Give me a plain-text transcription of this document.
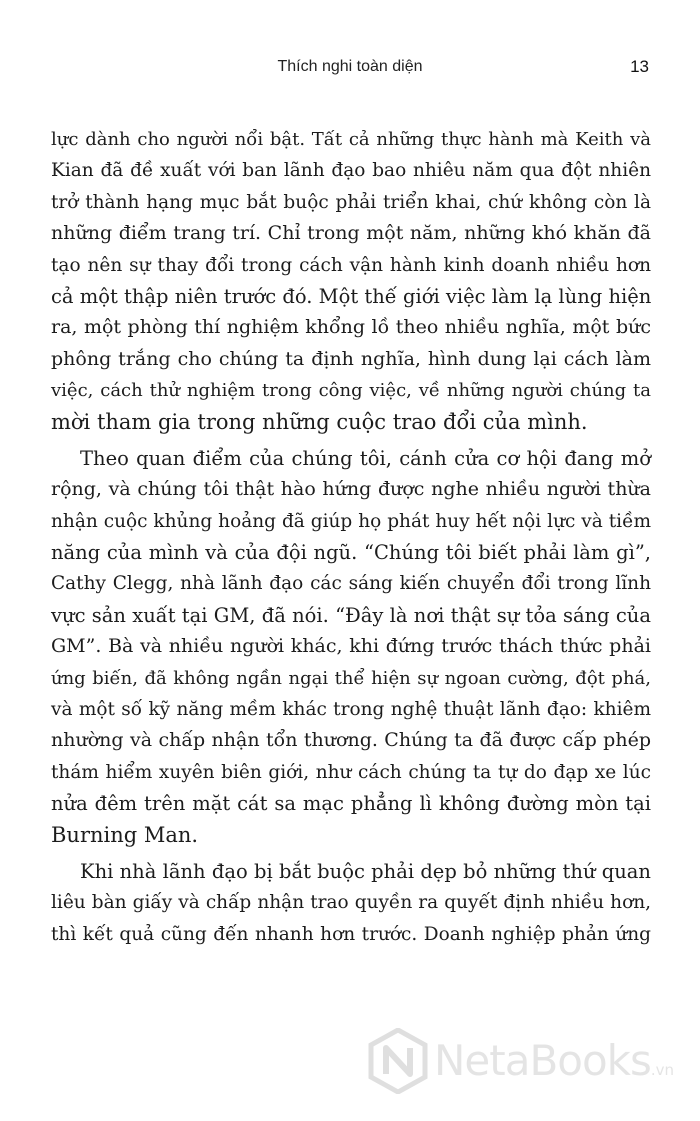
Thích nghi toàn diện	13
lực dành cho người nổi bật. Tất cả những thực hành mà Keith và
Kian đã đề xuất với ban lãnh đạo bao nhiêu năm qua đột nhiên
trở thành hạng mục bắt buộc phải triển khai, chứ không còn là
những điểm trang trí. Chỉ trong một năm, những khó khăn đã
tạo nên sự thay đổi trong cách vận hành kinh doanh nhiều hơn
cả một thập niên trước đó. Một thế giới việc làm lạ lùng hiện
ra, một phòng thí nghiệm khổng lồ theo nhiều nghĩa, một bức
phông trắng cho chúng ta định nghĩa, hình dung lại cách làm
việc, cách thử nghiệm trong công việc, về những người chúng ta
mời tham gia trong những cuộc trao đổi của mình.
Theo quan điểm của chúng tôi, cánh cửa cơ hội đang mở
rộng, và chúng tôi thật hào hứng được nghe nhiều người thừa
nhận cuộc khủng hoảng đã giúp họ phát huy hết nội lực và tiềm
năng của mình và của đội ngũ. “Chúng tôi biết phải làm gì”,
Cathy Clegg, nhà lãnh đạo các sáng kiến chuyển đổi trong lĩnh
vực sản xuất tại GM, đã nói. “Đây là nơi thật sự tỏa sáng của
GM”. Bà và nhiều người khác, khi đứng trước thách thức phải
ứng biến, đã không ngần ngại thể hiện sự ngoan cường, đột phá,
và một số kỹ năng mềm khác trong nghệ thuật lãnh đạo: khiêm
nhường và chấp nhận tổn thương. Chúng ta đã được cấp phép
thám hiểm xuyên biên giới, như cách chúng ta tự do đạp xe lúc
nửa đêm trên mặt cát sa mạc phẳng lì không đường mòn tại
Burning Man.
Khi nhà lãnh đạo bị bắt buộc phải dẹp bỏ những thứ quan
liêu bàn giấy và chấp nhận trao quyền ra quyết định nhiều hơn,
thì kết quả cũng đến nhanh hơn trước. Doanh nghiệp phản ứng
NetaBooks.vn
